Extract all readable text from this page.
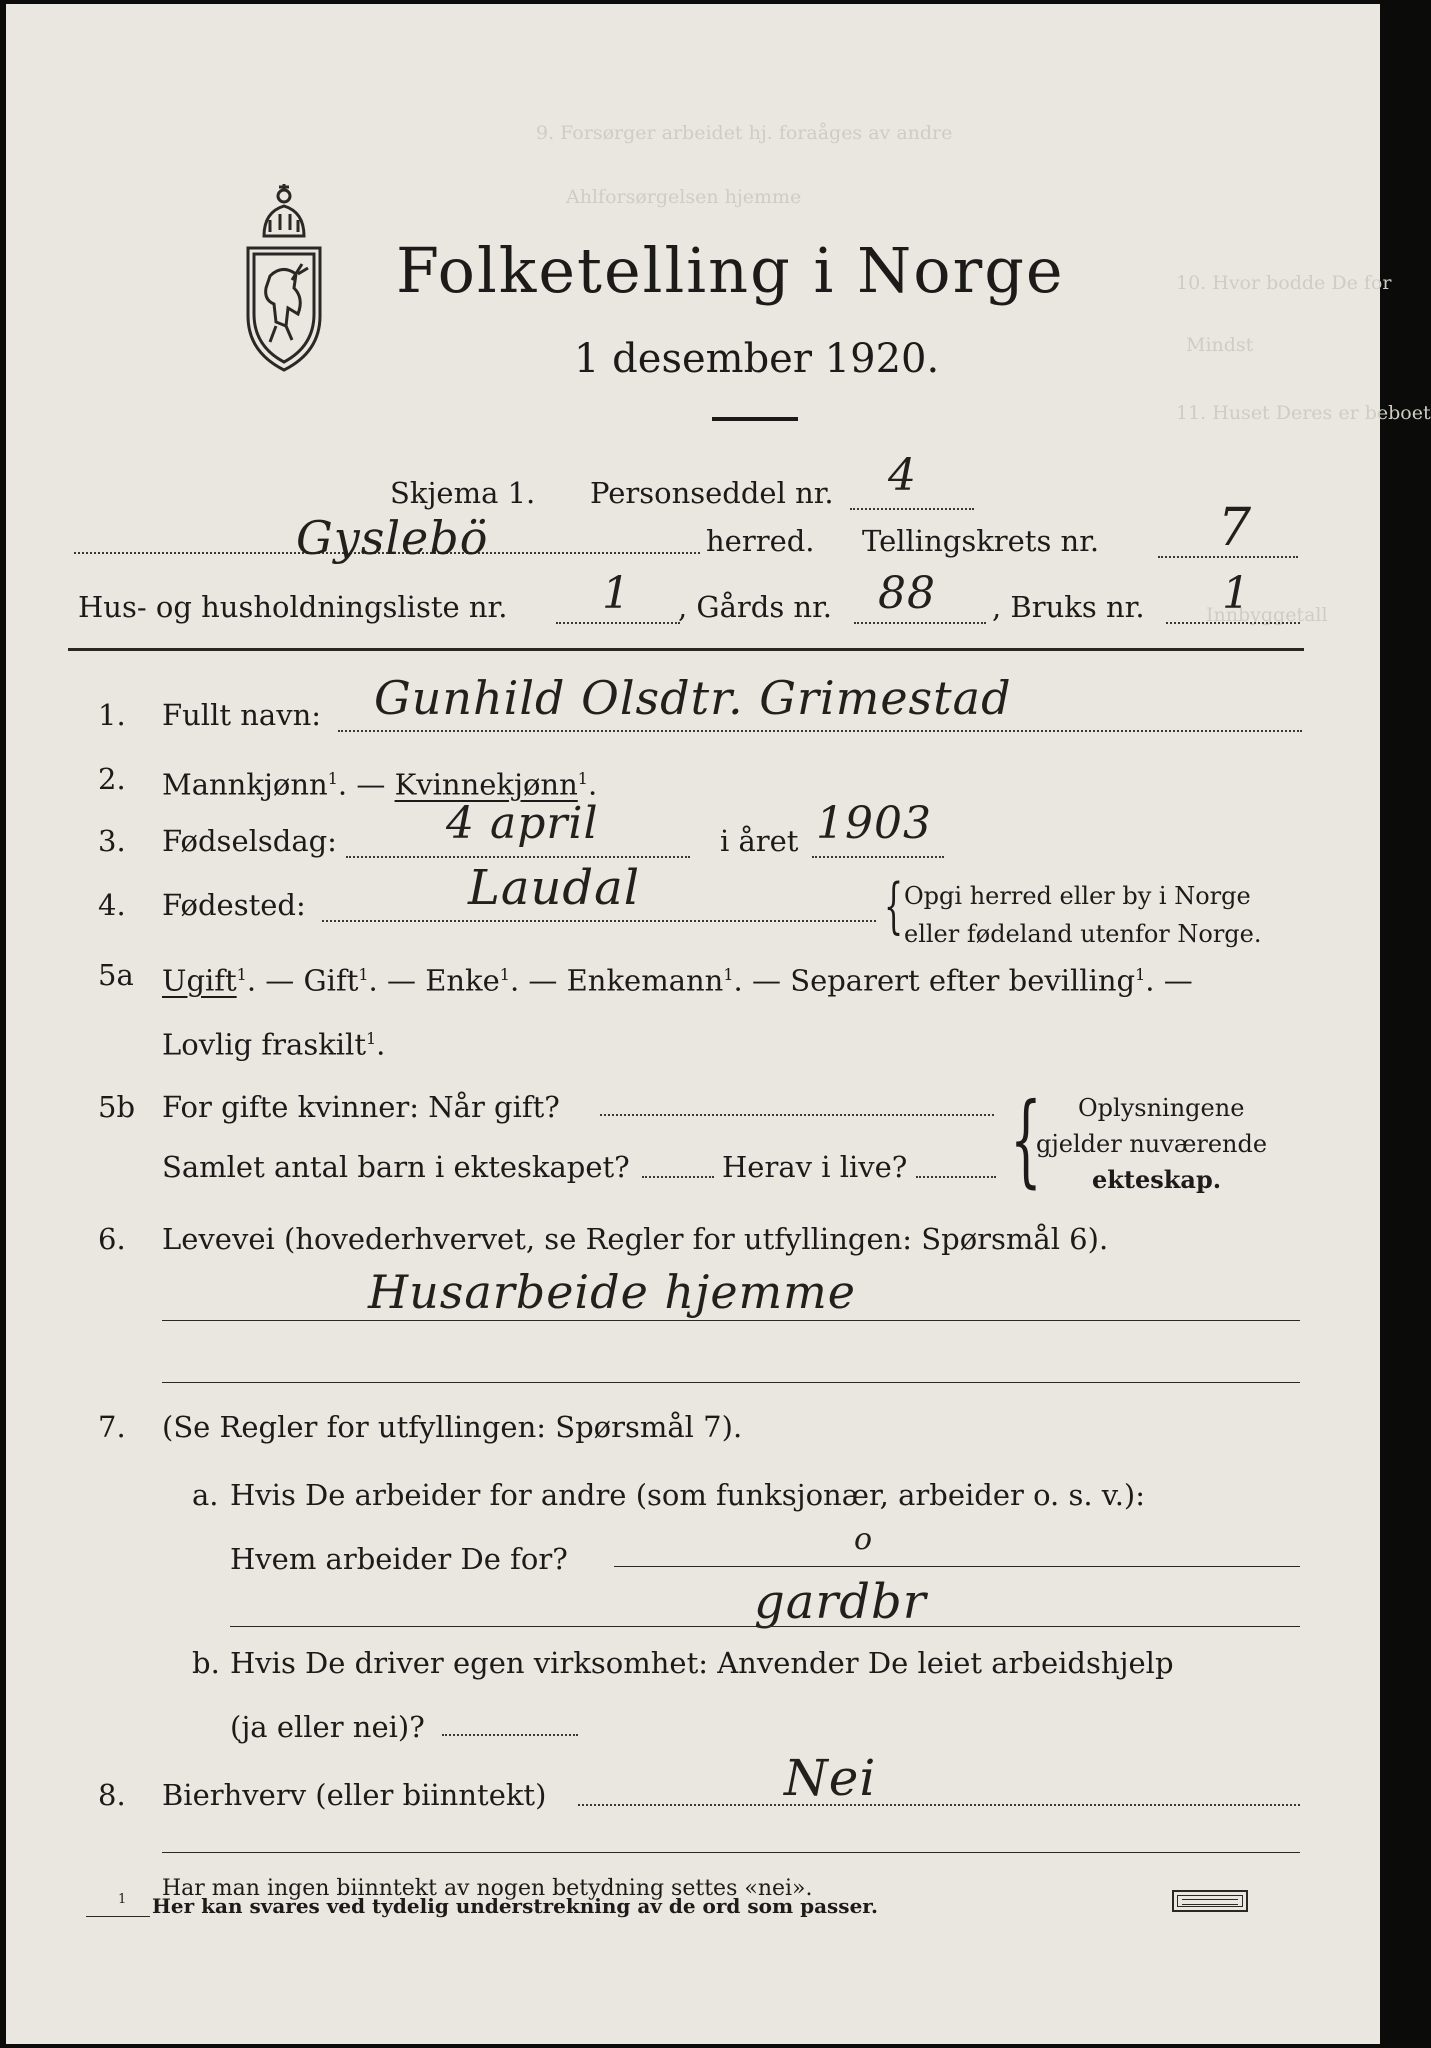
9. Forsørger arbeidet hj. foraåges av andre
Ahlforsørgelsen hjemme
10. Hvor bodde De for
Mindst
11. Huset Deres er beboet
Innbyggetall
Folketelling i Norge
1 desember 1920.
Skjema 1. Personseddel nr. 4
Gyslebö	herred. Tellingskrets nr. 7
Hus- og husholdningsliste nr. 1 , Gårds nr. 88 , Bruks nr. 1
1. Fullt navn: Gunhild Olsdtr. Grimestad
2. Mannkjønn$^1$. — Kvinnekjønn$^1$.
3. Fødselsdag: 4 april	i året 1903
4. Fødested:	Laudal	{ Opgi herred eller by i Norge
eller fødeland utenfor Norge.
5a Ugift$^1$. — Gift$^1$. — Enke$^1$. — Enkemann$^1$. — Separert efter bevilling$^1$. —
Lovlig fraskilt$^1$.
5b For gifte kvinner: Når gift?
Samlet antal barn i ekteskapet?	Herav i live? { Oplysningene
gjelder nuværende
ekteskap.
6. Levevei (hovederhvervet, se Regler for utfyllingen: Spørsmål 6).
Husarbeide hjemme
7. (Se Regler for utfyllingen: Spørsmål 7).
a. Hvis De arbeider for andre (som funksjonær, arbeider o. s. v.):
Hvem arbeider De for?
o
gardbr
b. Hvis De driver egen virksomhet: Anvender De leiet arbeidshjelp
(ja eller nei)?
8. Bierhverv (eller biinntekt)	Nei
Har man ingen biinntekt av nogen betydning settes «nei».
1 Her kan svares ved tydelig understrekning av de ord som passer.
